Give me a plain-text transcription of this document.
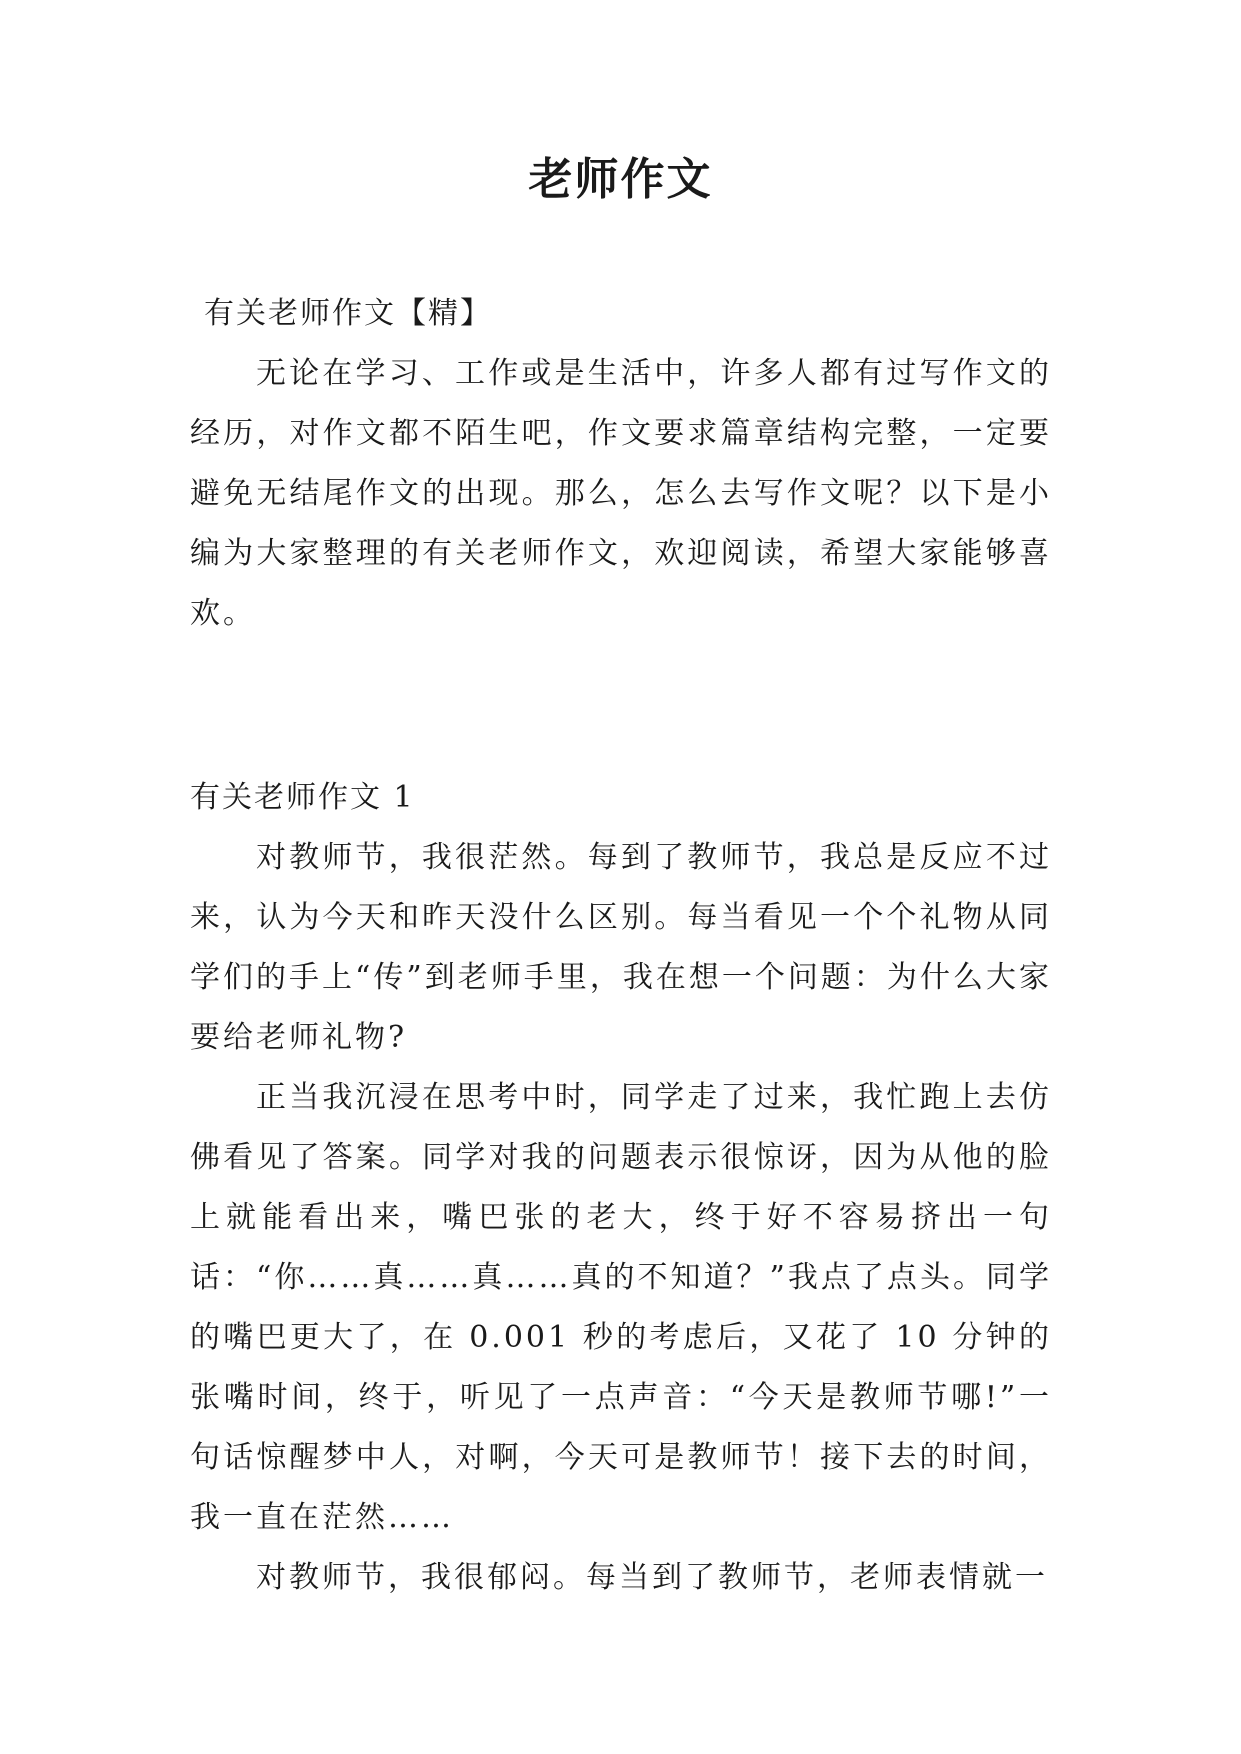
老师作文

有关老师作文【精】

无论在学习、工作或是生活中，许多人都有过写作文的经历，对作文都不陌生吧，作文要求篇章结构完整，一定要避免无结尾作文的出现。那么，怎么去写作文呢？以下是小编为大家整理的有关老师作文，欢迎阅读，希望大家能够喜欢。

有关老师作文 1

对教师节，我很茫然。每到了教师节，我总是反应不过来，认为今天和昨天没什么区别。每当看见一个个礼物从同学们的手上“传”到老师手里，我在想一个问题：为什么大家要给老师礼物?

正当我沉浸在思考中时，同学走了过来，我忙跑上去仿佛看见了答案。同学对我的问题表示很惊讶，因为从他的脸上就能看出来，嘴巴张的老大，终于好不容易挤出一句话：“你……真……真……真的不知道？”我点了点头。同学的嘴巴更大了，在 0.001 秒的考虑后，又花了 10 分钟的张嘴时间，终于，听见了一点声音：“今天是教师节哪!”一句话惊醒梦中人，对啊，今天可是教师节！接下去的时间，我一直在茫然……

对教师节，我很郁闷。每当到了教师节，老师表情就一
